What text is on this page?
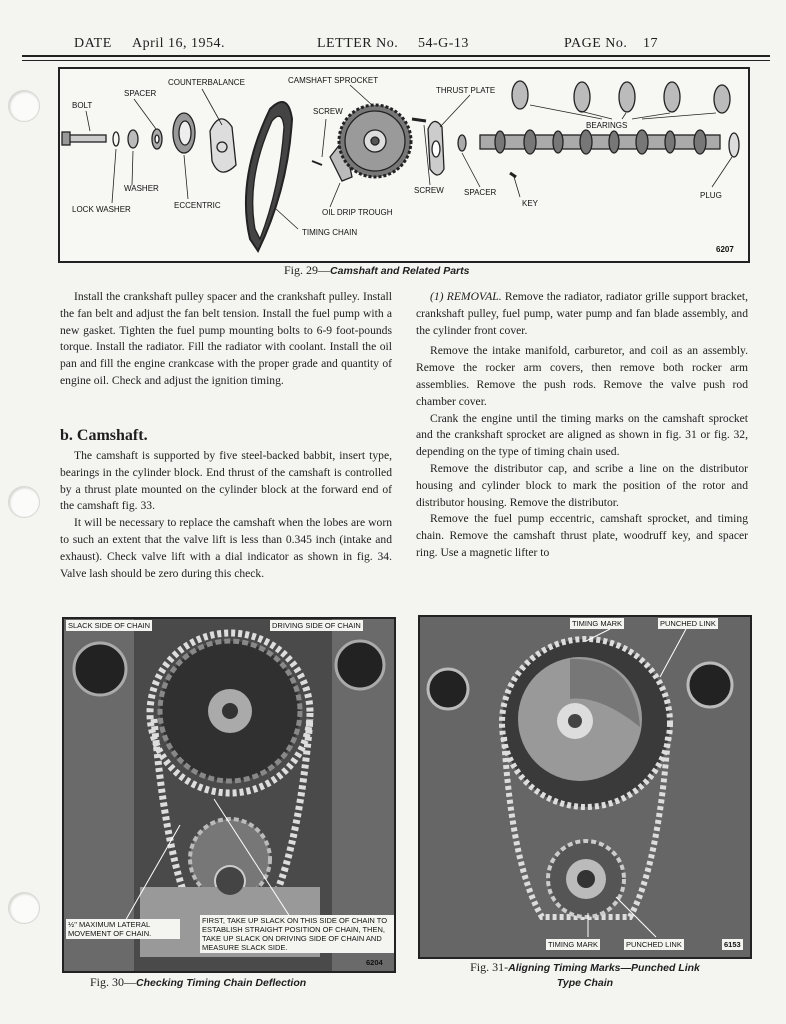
DATE April 16, 1954.	LETTER No. 54-G-13	PAGE No. 17
COUNTERBALANCE	CAMSHAFT SPROCKET
THRUST PLATE
SPACER
SCREW
BOLT
BEARINGS
WASHER
LOCK WASHER	ECCENTRIC
OIL DRIP TROUGH
TIMING CHAIN
SCREW	SPACER
KEY
PLUG
6207
Fig. 29—Camshaft and Related Parts

Install the crankshaft pulley spacer and the crankshaft pulley. Install the fan belt and adjust the fan belt tension. Install the fuel pump with a new gasket. Tighten the fuel pump mounting bolts to 6-9 foot-pounds torque. Install the radiator. Fill the radiator with coolant. Install the oil pan and fill the engine crankcase with the proper grade and quantity of engine oil. Check and adjust the ignition timing.

b. Camshaft.

The camshaft is supported by five steel-backed babbit, insert type, bearings in the cylinder block. End thrust of the camshaft is controlled by a thrust plate mounted on the cylinder block at the forward end of the camshaft fig. 33.

It will be necessary to replace the camshaft when the lobes are worn to such an extent that the valve lift is less than 0.345 inch (intake and exhaust). Check valve lift with a dial indicator as shown in fig. 34. Valve lash should be zero during this check.

(1) REMOVAL. Remove the radiator, radiator grille support bracket, crankshaft pulley, fuel pump, water pump and fan blade assembly, and the cylinder front cover.

Remove the intake manifold, carburetor, and coil as an assembly. Remove the rocker arm covers, then remove both rocker arm assemblies. Remove the push rods. Remove the valve push rod chamber cover.

Crank the engine until the timing marks on the camshaft sprocket and the crankshaft sprocket are aligned as shown in fig. 31 or fig. 32, depending on the type of timing chain used.

Remove the distributor cap, and scribe a line on the distributor housing and cylinder block to mark the position of the rotor and distributor housing. Remove the distributor.

Remove the fuel pump eccentric, camshaft sprocket, and timing chain. Remove the camshaft thrust plate, woodruff key, and spacer ring. Use a magnetic lifter to

SLACK SIDE OF CHAIN	DRIVING SIDE OF CHAIN
½" MAXIMUM LATERAL MOVEMENT OF CHAIN.
FIRST, TAKE UP SLACK ON THIS SIDE OF CHAIN TO ESTABLISH STRAIGHT POSITION OF CHAIN, THEN, TAKE UP SLACK ON DRIVING SIDE OF CHAIN AND MEASURE SLACK SIDE.
6204
Fig. 30—Checking Timing Chain Deflection
TIMING MARK	PUNCHED LINK
TIMING MARK	PUNCHED LINK	6153
Fig. 31-Aligning Timing Marks—Punched Link
Type Chain
